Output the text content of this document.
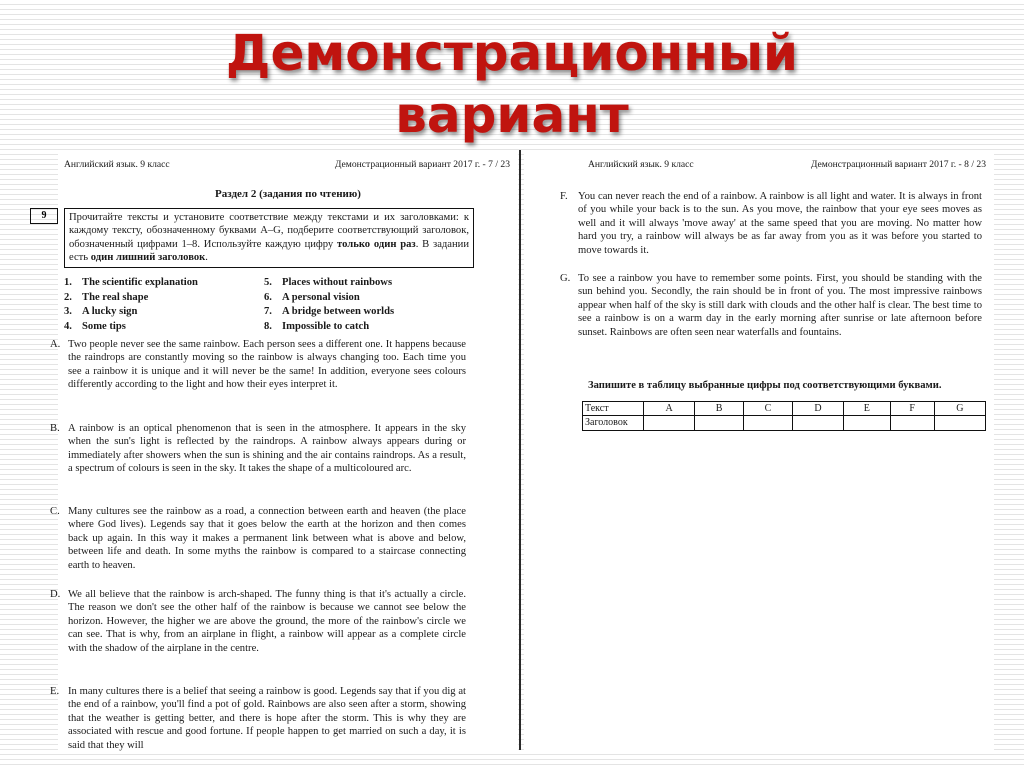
Демонстрационный
вариант
Английский язык. 9 класс	Демонстрационный вариант 2017 г. - 7 / 23
Раздел 2 (задания по чтению)
Прочитайте тексты и установите соответствие между текстами и их заголовками: к каждому тексту, обозначенному буквами A–G, подберите соответствующий заголовок, обозначенный цифрами 1–8. Используйте каждую цифру только один раз. В задании есть один лишний заголовок.
1. The scientific explanation
2. The real shape
3. A lucky sign
4. Some tips
5. Places without rainbows
6. A personal vision
7. A bridge between worlds
8. Impossible to catch
A. Two people never see the same rainbow. Each person sees a different one. It happens because the raindrops are constantly moving so the rainbow is always changing too. Each time you see a rainbow it is unique and it will never be the same! In addition, everyone sees colours differently according to the light and how their eyes interpret it.
B. A rainbow is an optical phenomenon that is seen in the atmosphere. It appears in the sky when the sun's light is reflected by the raindrops. A rainbow always appears during or immediately after showers when the sun is shining and the air contains raindrops. As a result, a spectrum of colours is seen in the sky. It takes the shape of a multicoloured arc.
C. Many cultures see the rainbow as a road, a connection between earth and heaven (the place where God lives). Legends say that it goes below the earth at the horizon and then comes back up again. In this way it makes a permanent link between what is above and below, between life and death. In some myths the rainbow is compared to a staircase connecting earth to heaven.
D. We all believe that the rainbow is arch-shaped. The funny thing is that it's actually a circle. The reason we don't see the other half of the rainbow is because we cannot see below the horizon. However, the higher we are above the ground, the more of the rainbow's circle we can see. That is why, from an airplane in flight, a rainbow will appear as a complete circle with the shadow of the airplane in the centre.
E. In many cultures there is a belief that seeing a rainbow is good. Legends say that if you dig at the end of a rainbow, you'll find a pot of gold. Rainbows are also seen after a storm, showing that the weather is getting better, and there is hope after the storm. This is why they are associated with rescue and good fortune. If people happen to get married on such a day, it is said that they will
9
Английский язык. 9 класс	Демонстрационный вариант 2017 г. - 8 / 23
F. You can never reach the end of a rainbow. A rainbow is all light and water. It is always in front of you while your back is to the sun. As you move, the rainbow that your eye sees moves as well and it will always 'move away' at the same speed that you are moving. No matter how hard you try, a rainbow will always be as far away from you as it was before you started to move towards it.
G. To see a rainbow you have to remember some points. First, you should be standing with the sun behind you. Secondly, the rain should be in front of you. The most impressive rainbows appear when half of the sky is still dark with clouds and the other half is clear. The best time to see a rainbow is on a warm day in the early morning after sunrise or late afternoon before sunset. Rainbows are often seen near waterfalls and fountains.
Запишите в таблицу выбранные цифры под соответствующими буквами.
Текст	A	B	C	D	E	F	G
Заголовок							
